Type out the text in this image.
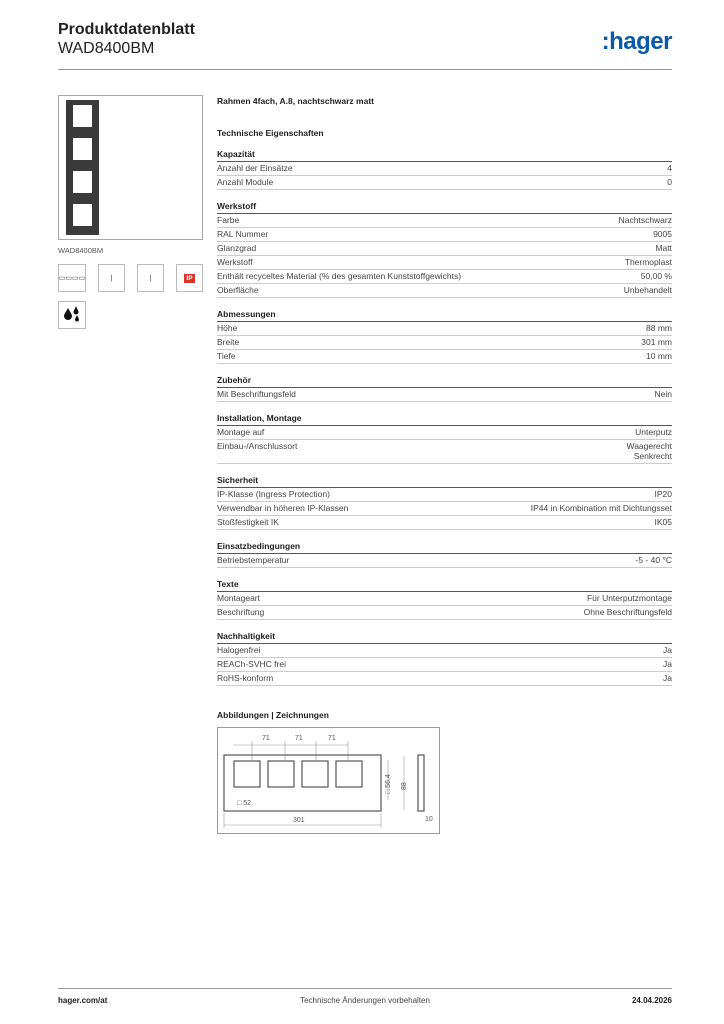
Produktdatenblatt
WAD8400BM	:hager
WAD8400BM
▭▭▭▭	|	|	IP
Rahmen 4fach, A.8, nachtschwarz matt
Technische Eigenschaften
Kapazität
Anzahl der Einsätze	4
Anzahl Module	0
Werkstoff
Farbe	Nachtschwarz
RAL Nummer	9005
Glanzgrad	Matt
Werkstoff	Thermoplast
Enthält recyceltes Material (% des gesamten Kunststoffgewichts)	50,00 %
Oberfläche	Unbehandelt
Abmessungen
Höhe	88 mm
Breite	301 mm
Tiefe	10 mm
Zubehör
Mit Beschriftungsfeld	Nein
Installation, Montage
Montage auf	Unterputz
Einbau-/Anschlussort	Waagerecht
Senkrecht
Sicherheit
IP-Klasse (Ingress Protection)	IP20
Verwendbar in höheren IP-Klassen	IP44 in Kombination mit Dichtungsset
Stoßfestigkeit IK	IK05
Einsatzbedingungen
Betriebstemperatur	-5 - 40 °C
Texte
Montageart	Für Unterputzmontage
Beschriftung	Ohne Beschriftungsfeld
Nachhaltigkeit
Halogenfrei	Ja
REACh-SVHC frei	Ja
RoHS-konform	Ja
Abbildungen | Zeichnungen
71	71	71
□ 52
301	10
□ 56,4 88
hager.com/at	Technische Änderungen vorbehalten	24.04.2026
